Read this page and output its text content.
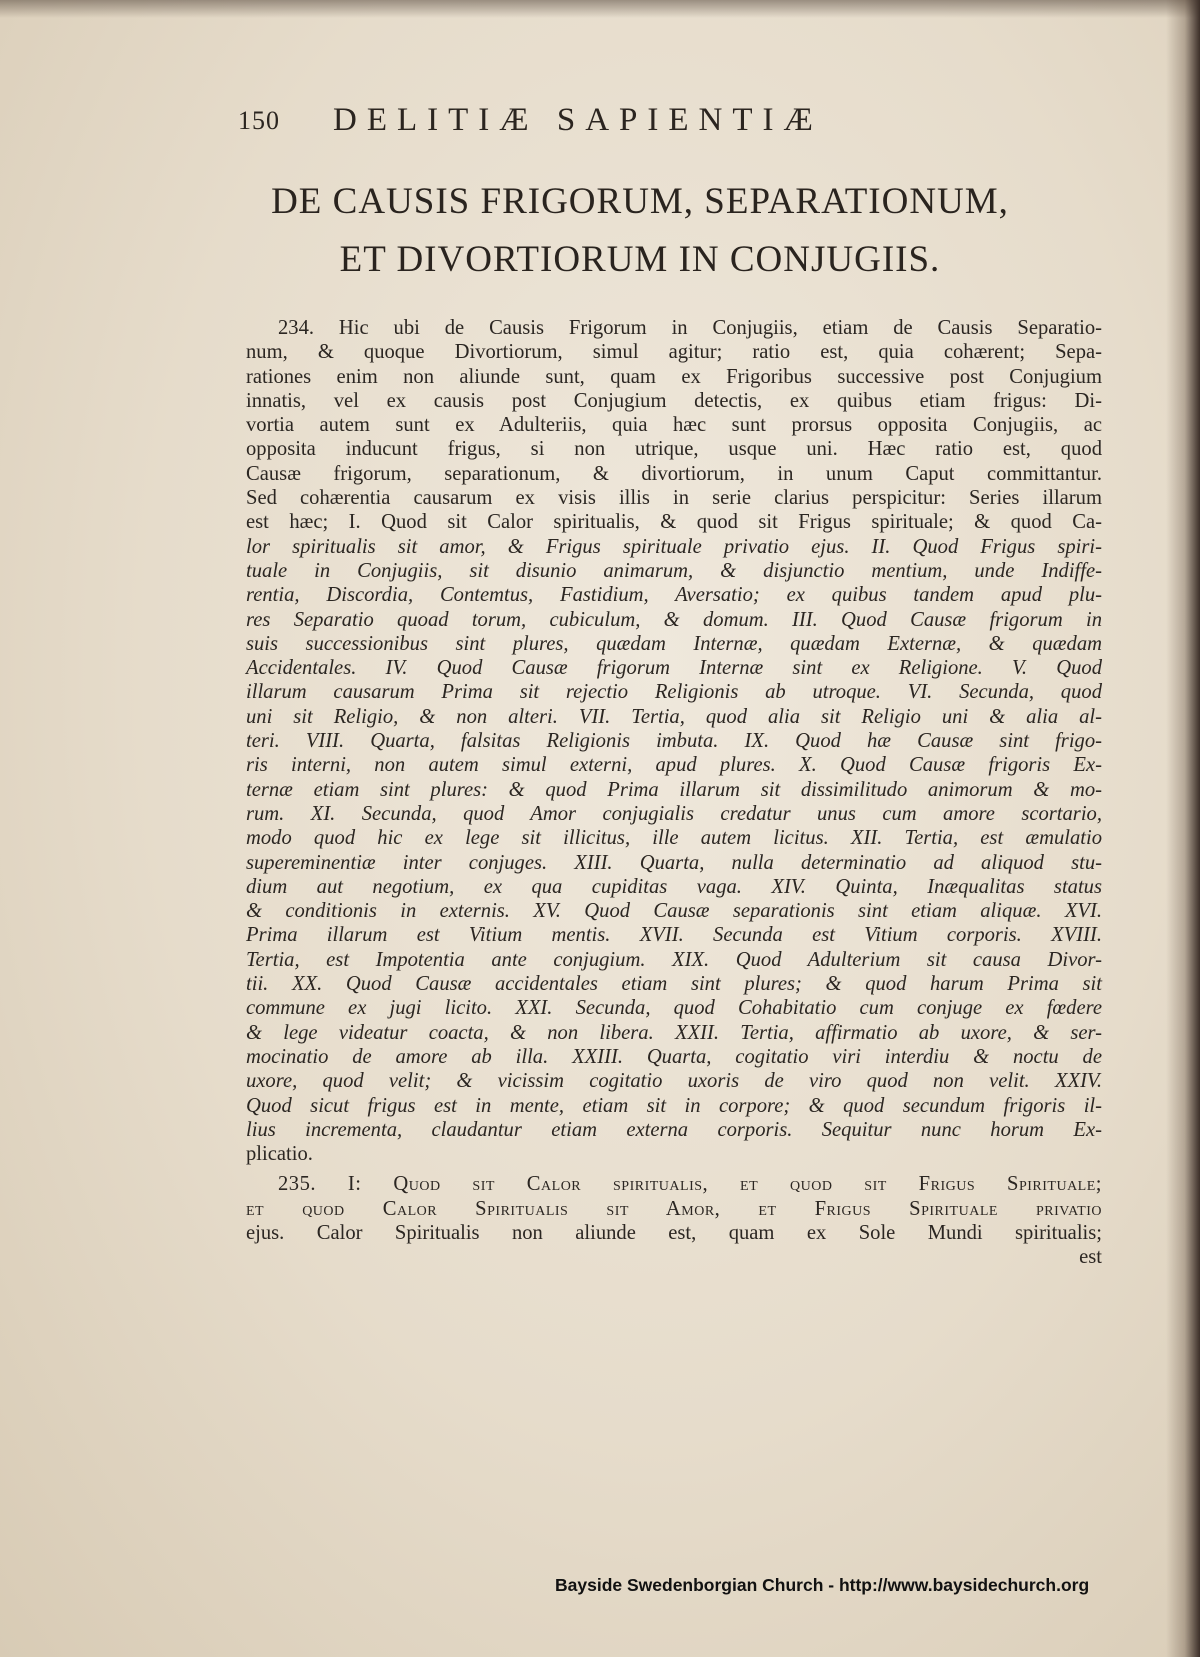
150 DELITIÆ SAPIENTIÆ
DE CAUSIS FRIGORUM, SEPARATIONUM,
ET DIVORTIORUM IN CONJUGIIS.
234. Hic ubi de Causis Frigorum in Conjugiis, etiam de Causis Separatio-
num, & quoque Divortiorum, simul agitur; ratio est, quia cohærent; Sepa-
rationes enim non aliunde sunt, quam ex Frigoribus successive post Conjugium
innatis, vel ex causis post Conjugium detectis, ex quibus etiam frigus: Di-
vortia autem sunt ex Adulteriis, quia hæc sunt prorsus opposita Conjugiis, ac
opposita inducunt frigus, si non utrique, usque uni. Hæc ratio est, quod
Causæ frigorum, separationum, & divortiorum, in unum Caput committantur.
Sed cohærentia causarum ex visis illis in serie clarius perspicitur: Series illarum
est hæc; I. Quod sit Calor spiritualis, & quod sit Frigus spirituale; & quod Ca-
lor spiritualis sit amor, & Frigus spirituale privatio ejus. II. Quod Frigus spiri-
tuale in Conjugiis, sit disunio animarum, & disjunctio mentium, unde Indiffe-
rentia, Discordia, Contemtus, Fastidium, Aversatio; ex quibus tandem apud plu-
res Separatio quoad torum, cubiculum, & domum. III. Quod Causæ frigorum in
suis successionibus sint plures, quædam Internæ, quædam Externæ, & quædam
Accidentales. IV. Quod Causæ frigorum Internæ sint ex Religione. V. Quod
illarum causarum Prima sit rejectio Religionis ab utroque. VI. Secunda, quod
uni sit Religio, & non alteri. VII. Tertia, quod alia sit Religio uni & alia al-
teri. VIII. Quarta, falsitas Religionis imbuta. IX. Quod hæ Causæ sint frigo-
ris interni, non autem simul externi, apud plures. X. Quod Causæ frigoris Ex-
ternæ etiam sint plures: & quod Prima illarum sit dissimilitudo animorum & mo-
rum. XI. Secunda, quod Amor conjugialis credatur unus cum amore scortario,
modo quod hic ex lege sit illicitus, ille autem licitus. XII. Tertia, est æmulatio
supereminentiæ inter conjuges. XIII. Quarta, nulla determinatio ad aliquod stu-
dium aut negotium, ex qua cupiditas vaga. XIV. Quinta, Inæqualitas status
& conditionis in externis. XV. Quod Causæ separationis sint etiam aliquæ. XVI.
Prima illarum est Vitium mentis. XVII. Secunda est Vitium corporis. XVIII.
Tertia, est Impotentia ante conjugium. XIX. Quod Adulterium sit causa Divor-
tii. XX. Quod Causæ accidentales etiam sint plures; & quod harum Prima sit
commune ex jugi licito. XXI. Secunda, quod Cohabitatio cum conjuge ex fœdere
& lege videatur coacta, & non libera. XXII. Tertia, affirmatio ab uxore, & ser-
mocinatio de amore ab illa. XXIII. Quarta, cogitatio viri interdiu & noctu de
uxore, quod velit; & vicissim cogitatio uxoris de viro quod non velit. XXIV.
Quod sicut frigus est in mente, etiam sit in corpore; & quod secundum frigoris il-
lius incrementa, claudantur etiam externa corporis. Sequitur nunc horum Ex-
plicatio.
235. I: Quod sit Calor spiritualis, et quod sit Frigus Spirituale;
et quod Calor Spiritualis sit Amor, et Frigus Spirituale privatio
ejus. Calor Spiritualis non aliunde est, quam ex Sole Mundi spiritualis;
est
Bayside Swedenborgian Church - http://www.baysidechurch.org
